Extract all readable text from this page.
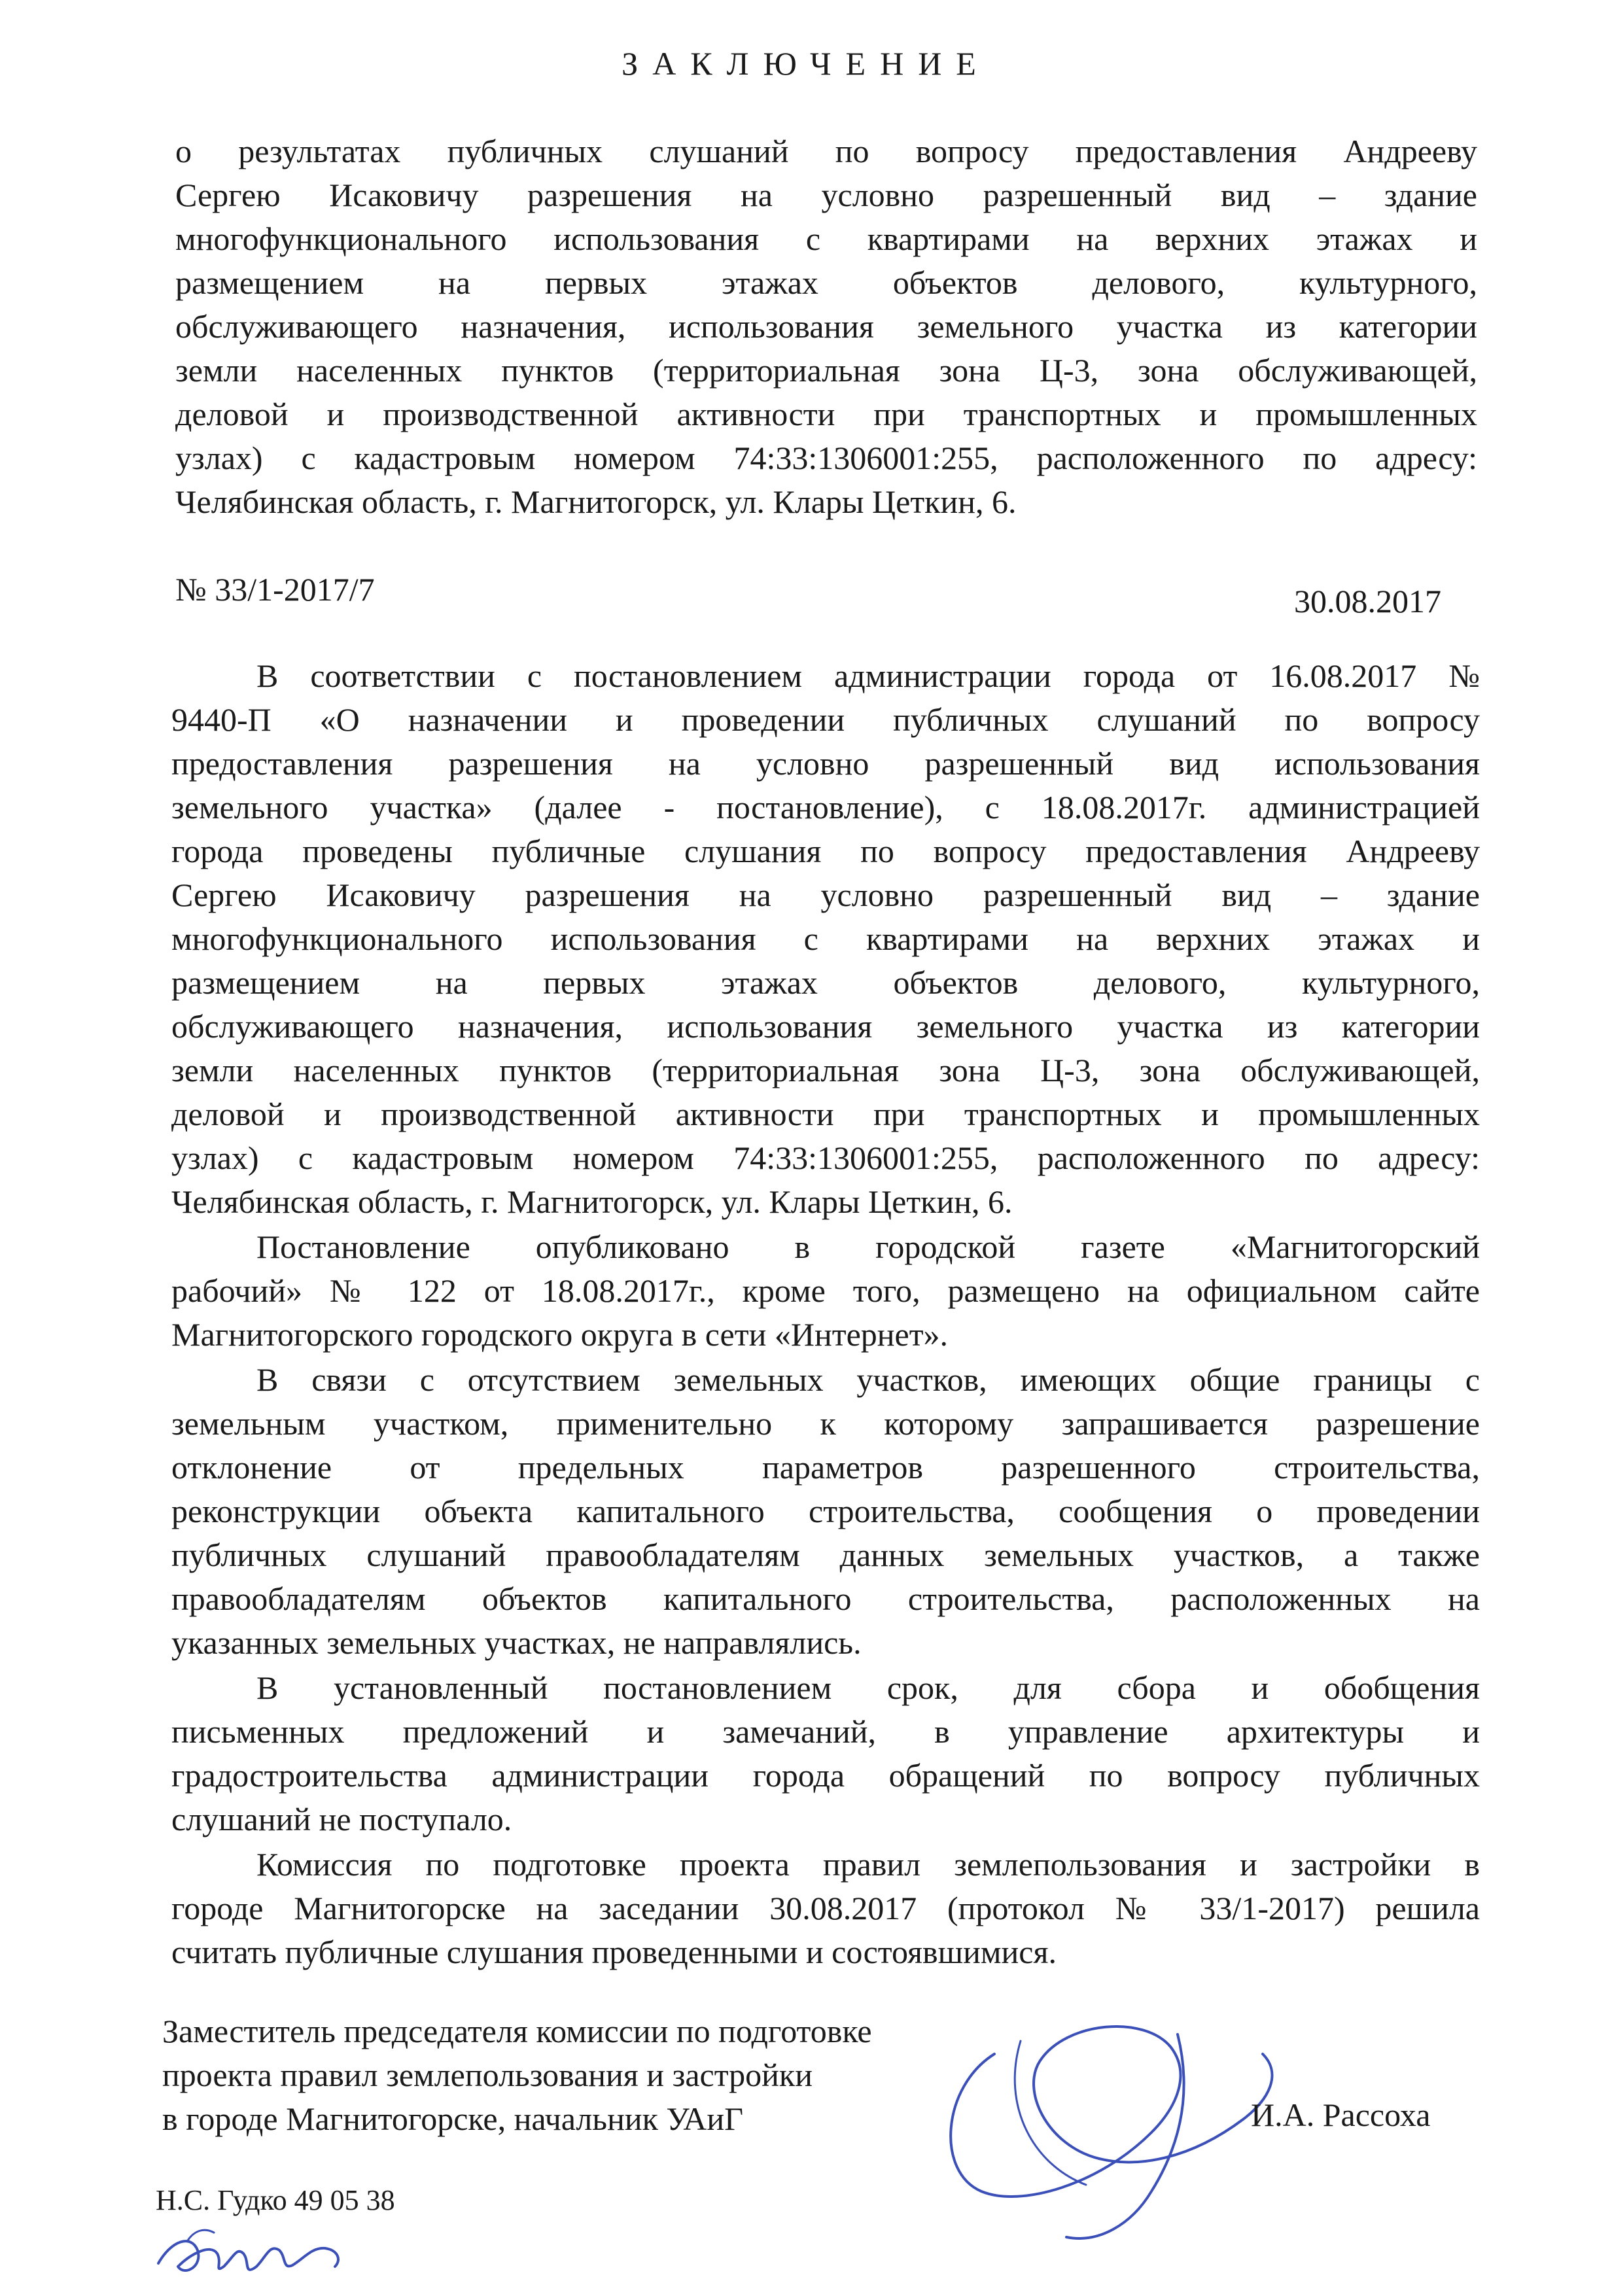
ЗАКЛЮЧЕНИЕ
о результатах публичных слушаний по вопросу предоставления Андрееву
Сергею Исаковичу разрешения на условно разрешенный вид – здание
многофункционального использования с квартирами на верхних этажах и
размещением на первых этажах объектов делового, культурного,
обслуживающего назначения, использования земельного участка из категории
земли населенных пунктов (территориальная зона Ц-3, зона обслуживающей,
деловой и производственной активности при транспортных и промышленных
узлах) с кадастровым номером 74:33:1306001:255, расположенного по адресу:
Челябинская область, г. Магнитогорск, ул. Клары Цеткин, 6.
№ 33/1-2017/7	30.08.2017
В соответствии с постановлением администрации города от 16.08.2017 №
9440-П «О назначении и проведении публичных слушаний по вопросу
предоставления разрешения на условно разрешенный вид использования
земельного участка» (далее - постановление), с 18.08.2017г. администрацией
города проведены публичные слушания по вопросу предоставления Андрееву
Сергею Исаковичу разрешения на условно разрешенный вид – здание
многофункционального использования с квартирами на верхних этажах и
размещением на первых этажах объектов делового, культурного,
обслуживающего назначения, использования земельного участка из категории
земли населенных пунктов (территориальная зона Ц-3, зона обслуживающей,
деловой и производственной активности при транспортных и промышленных
узлах) с кадастровым номером 74:33:1306001:255, расположенного по адресу:
Челябинская область, г. Магнитогорск, ул. Клары Цеткин, 6.
Постановление опубликовано в городской газете «Магнитогорский
рабочий» № 122 от 18.08.2017г., кроме того, размещено на официальном сайте
Магнитогорского городского округа в сети «Интернет».
В связи с отсутствием земельных участков, имеющих общие границы с
земельным участком, применительно к которому запрашивается разрешение
отклонение от предельных параметров разрешенного строительства,
реконструкции объекта капитального строительства, сообщения о проведении
публичных слушаний правообладателям данных земельных участков, а также
правообладателям объектов капитального строительства, расположенных на
указанных земельных участках, не направлялись.
В установленный постановлением срок, для сбора и обобщения
письменных предложений и замечаний, в управление архитектуры и
градостроительства администрации города обращений по вопросу публичных
слушаний не поступало.
Комиссия по подготовке проекта правил землепользования и застройки в
городе Магнитогорске на заседании 30.08.2017 (протокол № 33/1-2017) решила
считать публичные слушания проведенными и состоявшимися.
Заместитель председателя комиссии по подготовке
проекта правил землепользования и застройки
в городе Магнитогорске, начальник УАиГ	И.А. Рассоха
Н.С. Гудко 49 05 38
